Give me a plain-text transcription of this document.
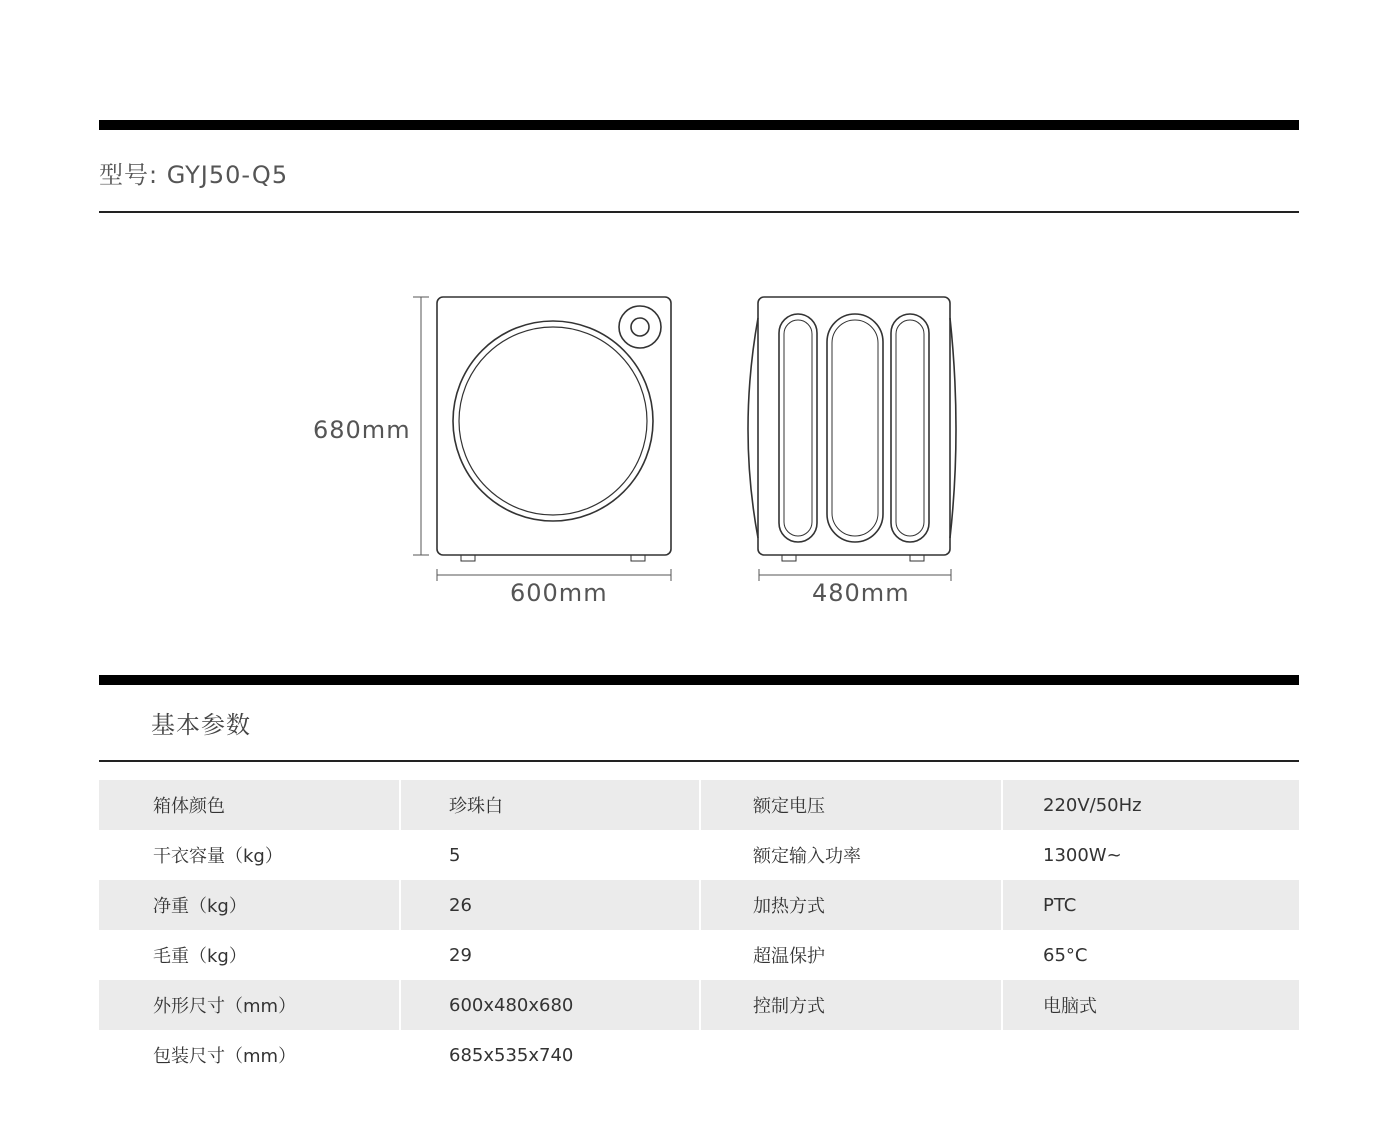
型号: GYJ50-Q5
680mm
600mm	480mm
基本参数
箱体颜色	珍珠白	额定电压	220V/50Hz
干衣容量（kg）	5	额定输入功率	1300W~
净重（kg）	26	加热方式	PTC
毛重（kg）	29	超温保护	65°C
外形尺寸（mm）	600x480x680	控制方式	电脑式
包装尺寸（mm）	685x535x740		
